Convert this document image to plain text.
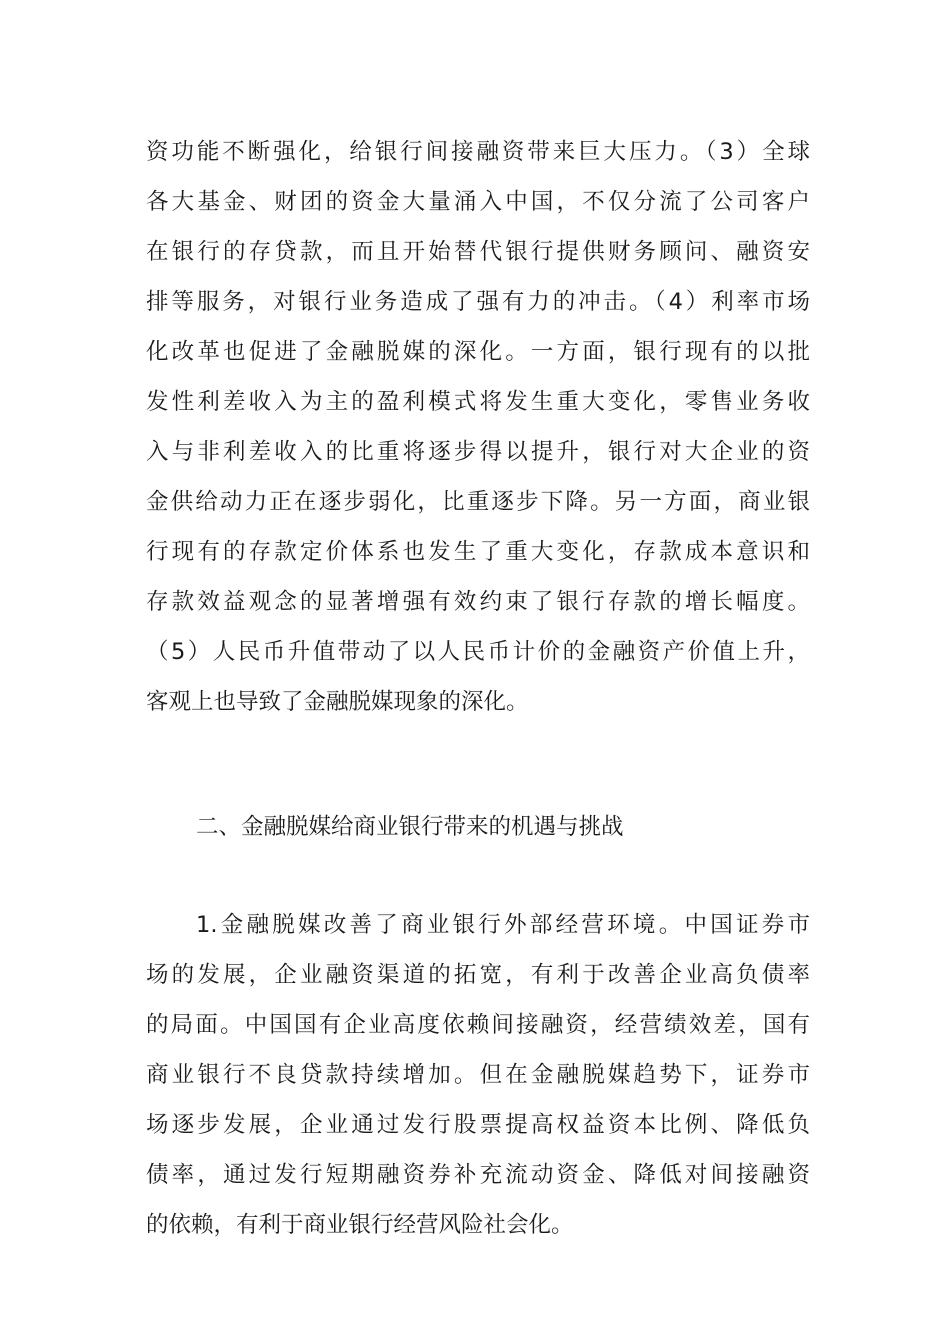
资功能不断强化，给银行间接融资带来巨大压力。（3）全球
各大基金、财团的资金大量涌入中国，不仅分流了公司客户
在银行的存贷款，而且开始替代银行提供财务顾问、融资安
排等服务，对银行业务造成了强有力的冲击。（4）利率市场
化改革也促进了金融脱媒的深化。一方面，银行现有的以批
发性利差收入为主的盈利模式将发生重大变化，零售业务收
入与非利差收入的比重将逐步得以提升，银行对大企业的资
金供给动力正在逐步弱化，比重逐步下降。另一方面，商业银
行现有的存款定价体系也发生了重大变化，存款成本意识和
存款效益观念的显著增强有效约束了银行存款的增长幅度。
（5）人民币升值带动了以人民币计价的金融资产价值上升，
客观上也导致了金融脱媒现象的深化。
二、金融脱媒给商业银行带来的机遇与挑战
1.金融脱媒改善了商业银行外部经营环境。中国证券市
场的发展，企业融资渠道的拓宽，有利于改善企业高负债率
的局面。中国国有企业高度依赖间接融资，经营绩效差，国有
商业银行不良贷款持续增加。但在金融脱媒趋势下，证券市
场逐步发展，企业通过发行股票提高权益资本比例、降低负
债率，通过发行短期融资券补充流动资金、降低对间接融资
的依赖，有利于商业银行经营风险社会化。
